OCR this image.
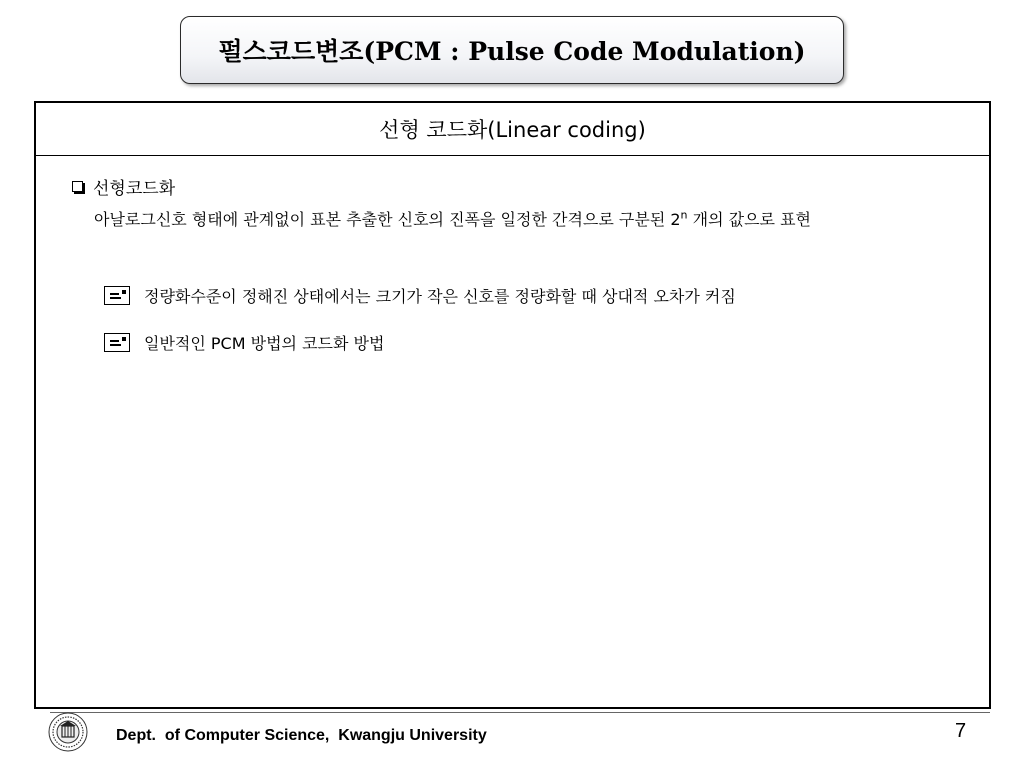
펄스코드변조(PCM : Pulse Code Modulation)
선형 코드화(Linear coding)
선형코드화
아날로그신호 형태에 관계없이 표본 추출한 신호의 진폭을 일정한 간격으로 구분된 2$^n$ 개의 값으로 표현
정량화수준이 정해진 상태에서는 크기가 작은 신호를 정량화할 때 상대적 오차가 커짐
일반적인 PCM 방법의 코드화 방법
Dept.  of Computer Science,  Kwangju University	7
